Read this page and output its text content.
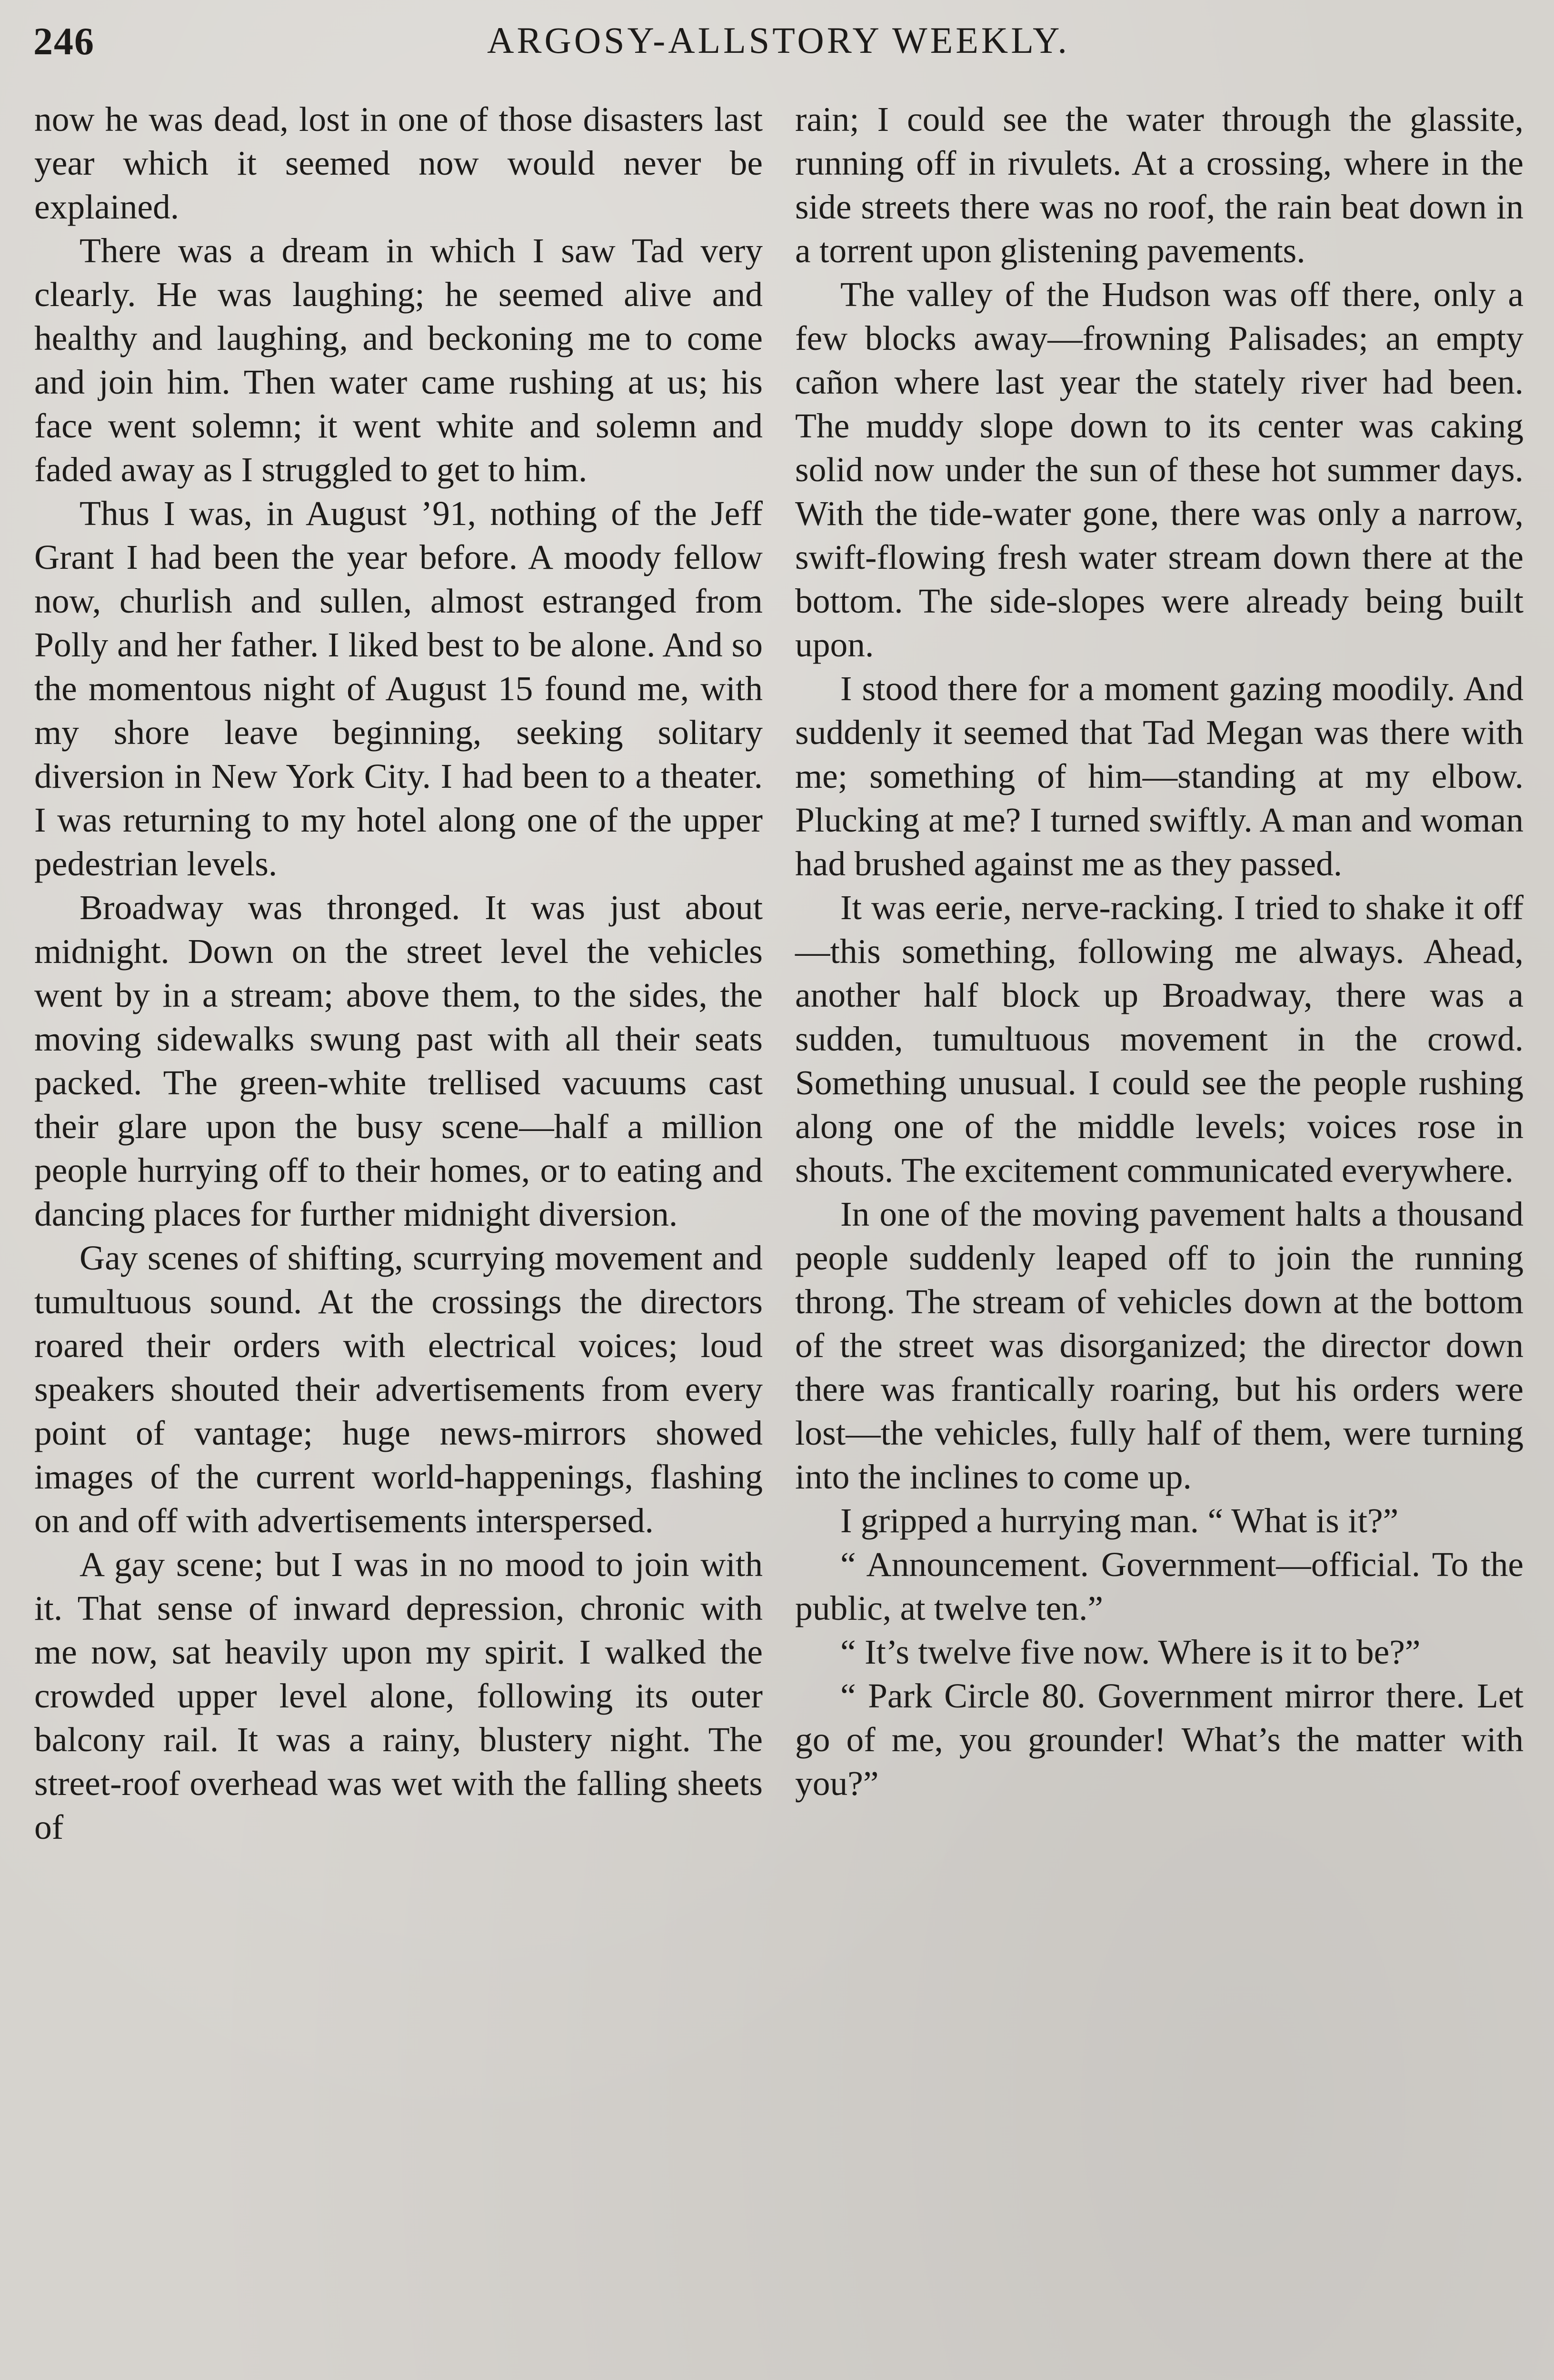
246	ARGOSY-ALLSTORY WEEKLY.

now he was dead, lost in one of those disasters last year which it seemed now would never be explained.

There was a dream in which I saw Tad very clearly. He was laughing; he seemed alive and healthy and laughing, and beckoning me to come and join him. Then water came rushing at us; his face went solemn; it went white and solemn and faded away as I struggled to get to him.

Thus I was, in August ’91, nothing of the Jeff Grant I had been the year before. A moody fellow now, churlish and sullen, almost estranged from Polly and her father. I liked best to be alone. And so the momentous night of August 15 found me, with my shore leave beginning, seeking solitary diversion in New York City. I had been to a theater. I was returning to my hotel along one of the upper pedestrian levels.

Broadway was thronged. It was just about midnight. Down on the street level the vehicles went by in a stream; above them, to the sides, the moving sidewalks swung past with all their seats packed. The green-white trellised vacuums cast their glare upon the busy scene—half a million people hurrying off to their homes, or to eating and dancing places for further midnight diversion.

Gay scenes of shifting, scurrying movement and tumultuous sound. At the crossings the directors roared their orders with electrical voices; loud speakers shouted their advertisements from every point of vantage; huge news-mirrors showed images of the current world-happenings, flashing on and off with advertisements interspersed.

A gay scene; but I was in no mood to join with it. That sense of inward depression, chronic with me now, sat heavily upon my spirit. I walked the crowded upper level alone, following its outer balcony rail. It was a rainy, blustery night. The street-roof overhead was wet with the falling sheets of

rain; I could see the water through the glassite, running off in rivulets. At a crossing, where in the side streets there was no roof, the rain beat down in a torrent upon glistening pavements.

The valley of the Hudson was off there, only a few blocks away—frowning Palisades; an empty cañon where last year the stately river had been. The muddy slope down to its center was caking solid now under the sun of these hot summer days. With the tide-water gone, there was only a narrow, swift-flowing fresh water stream down there at the bottom. The side-slopes were already being built upon.

I stood there for a moment gazing moodily. And suddenly it seemed that Tad Megan was there with me; something of him—standing at my elbow. Plucking at me? I turned swiftly. A man and woman had brushed against me as they passed.

It was eerie, nerve-racking. I tried to shake it off—this something, following me always. Ahead, another half block up Broadway, there was a sudden, tumultuous movement in the crowd. Something unusual. I could see the people rushing along one of the middle levels; voices rose in shouts. The excitement communicated everywhere.

In one of the moving pavement halts a thousand people suddenly leaped off to join the running throng. The stream of vehicles down at the bottom of the street was disorganized; the director down there was frantically roaring, but his orders were lost—the vehicles, fully half of them, were turning into the inclines to come up.

I gripped a hurrying man. “ What is it?”

“ Announcement. Government—official. To the public, at twelve ten.”

“ It’s twelve five now. Where is it to be?”

“ Park Circle 80. Government mirror there. Let go of me, you grounder! What’s the matter with you?”
